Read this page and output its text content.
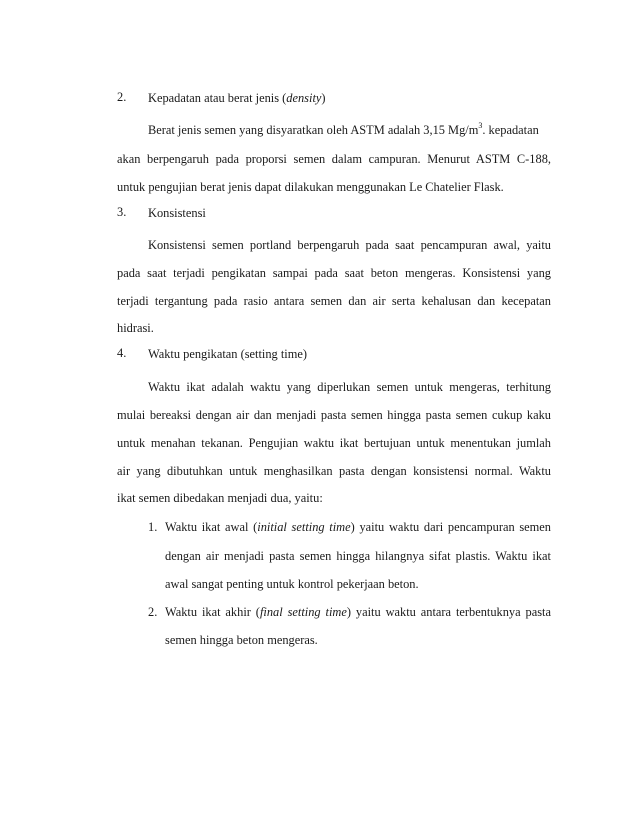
2. Kepadatan atau berat jenis (density)
Berat jenis semen yang disyaratkan oleh ASTM adalah 3,15 $Mg/m^3$. kepadatan
akan berpengaruh pada proporsi semen dalam campuran. Menurut ASTM C-188,
untuk pengujian berat jenis dapat dilakukan menggunakan Le Chatelier Flask.
3. Konsistensi
Konsistensi semen portland berpengaruh pada saat pencampuran awal, yaitu
pada saat terjadi pengikatan sampai pada saat beton mengeras. Konsistensi yang
terjadi tergantung pada rasio antara semen dan air serta kehalusan dan kecepatan
hidrasi.
4. Waktu pengikatan (setting time)
Waktu ikat adalah waktu yang diperlukan semen untuk mengeras, terhitung
mulai bereaksi dengan air dan menjadi pasta semen hingga pasta semen cukup kaku
untuk menahan tekanan. Pengujian waktu ikat bertujuan untuk menentukan jumlah
air yang dibutuhkan untuk menghasilkan pasta dengan konsistensi normal. Waktu
ikat semen dibedakan menjadi dua, yaitu:
1. Waktu ikat awal (initial setting time) yaitu waktu dari pencampuran semen
dengan air menjadi pasta semen hingga hilangnya sifat plastis. Waktu ikat
awal sangat penting untuk kontrol pekerjaan beton.
2. Waktu ikat akhir (final setting time) yaitu waktu antara terbentuknya pasta
semen hingga beton mengeras.
